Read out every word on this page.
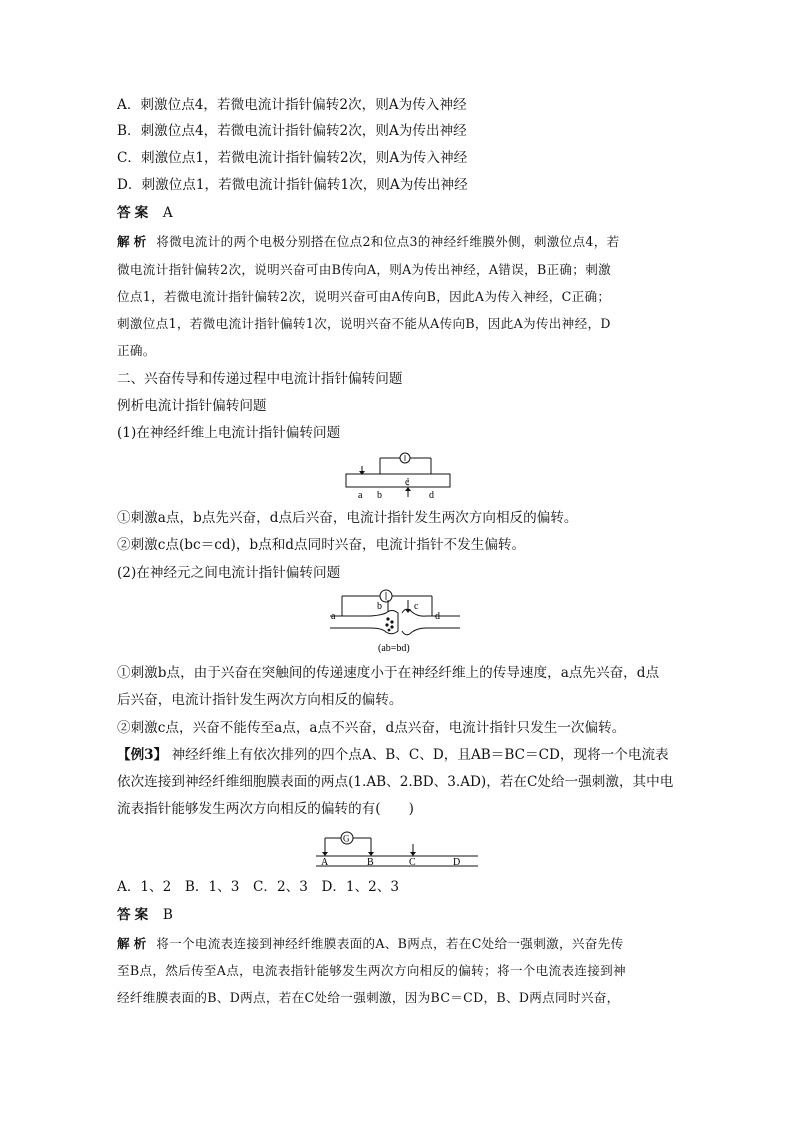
A．刺激位点4，若微电流计指针偏转2次，则A为传入神经
B．刺激位点4，若微电流计指针偏转2次，则A为传出神经
C．刺激位点1，若微电流计指针偏转2次，则A为传入神经
D．刺激位点1，若微电流计指针偏转1次，则A为传出神经
答案 A
解析 将微电流计的两个电极分别搭在位点2和位点3的神经纤维膜外侧，刺激位点4，若
微电流计指针偏转2次，说明兴奋可由B传向A，则A为传出神经，A错误，B正确；刺激
位点1，若微电流计指针偏转2次，说明兴奋可由A传向B，因此A为传入神经，C正确；
刺激位点1，若微电流计指针偏转1次，说明兴奋不能从A传向B，因此A为传出神经，D
正确。
二、兴奋传导和传递过程中电流计指针偏转问题
例析电流计指针偏转问题
(1)在神经纤维上电流计指针偏转问题
a b
c
d
①刺激a点，b点先兴奋，d点后兴奋，电流计指针发生两次方向相反的偏转。
②刺激c点(bc＝cd)，b点和d点同时兴奋，电流计指针不发生偏转。
(2)在神经元之间电流计指针偏转问题
a
b	c
d
(ab=bd)
①刺激b点，由于兴奋在突触间的传递速度小于在神经纤维上的传导速度，a点先兴奋，d点
后兴奋，电流计指针发生两次方向相反的偏转。
②刺激c点，兴奋不能传至a点，a点不兴奋，d点兴奋，电流计指针只发生一次偏转。
【例3】 神经纤维上有依次排列的四个点A、B、C、D，且AB＝BC＝CD，现将一个电流表
依次连接到神经纤维细胞膜表面的两点(1.AB、2.BD、3.AD)，若在C处给一强刺激，其中电
流表指针能够发生两次方向相反的偏转的有( )
G
A	B	C	D
A．1、2　B．1、3　C．2、3　D．1、2、3
答案 B
解析 将一个电流表连接到神经纤维膜表面的A、B两点，若在C处给一强刺激，兴奋先传
至B点，然后传至A点，电流表指针能够发生两次方向相反的偏转；将一个电流表连接到神
经纤维膜表面的B、D两点，若在C处给一强刺激，因为BC＝CD，B、D两点同时兴奋，
